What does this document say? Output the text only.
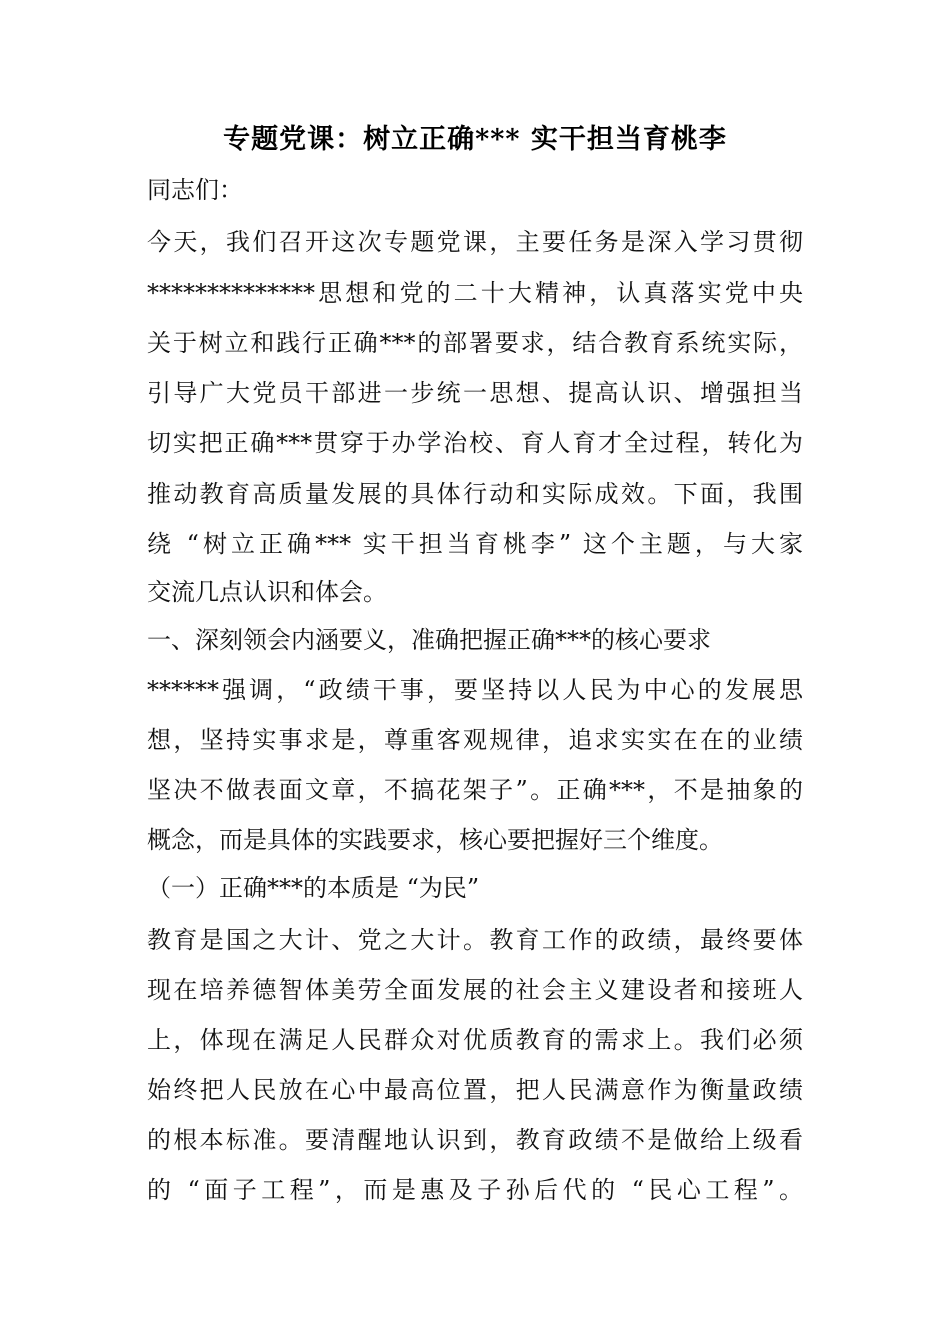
专题党课：树立正确*** 实干担当育桃李
同志们：
今天，我们召开这次专题党课，主要任务是深入学习贯彻
**************思想和党的二十大精神，认真落实党中央
关于树立和践行正确***的部署要求，结合教育系统实际，
引导广大党员干部进一步统一思想、提高认识、增强担当
切实把正确***贯穿于办学治校、育人育才全过程，转化为
推动教育高质量发展的具体行动和实际成效。下面，我围
绕 “树立正确*** 实干担当育桃李” 这个主题，与大家
交流几点认识和体会。
一、深刻领会内涵要义，准确把握正确***的核心要求
******强调，“政绩干事，要坚持以人民为中心的发展思
想，坚持实事求是，尊重客观规律，追求实实在在的业绩
坚决不做表面文章，不搞花架子”。正确***，不是抽象的
概念，而是具体的实践要求，核心要把握好三个维度。
（一）正确***的本质是 “为民”
教育是国之大计、党之大计。教育工作的政绩，最终要体
现在培养德智体美劳全面发展的社会主义建设者和接班人
上，体现在满足人民群众对优质教育的需求上。我们必须
始终把人民放在心中最高位置，把人民满意作为衡量政绩
的根本标准。要清醒地认识到，教育政绩不是做给上级看
的 “面子工程”，而是惠及子孙后代的 “民心工程”。
